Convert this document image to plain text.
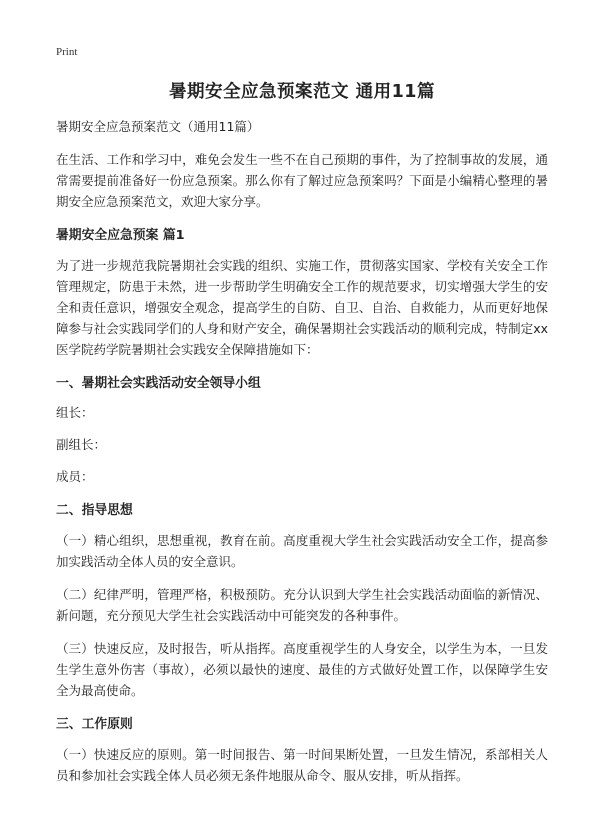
Print
暑期安全应急预案范文 通用11篇
暑期安全应急预案范文（通用11篇）

在生活、工作和学习中，难免会发生一些不在自己预期的事件，为了控制事故的发展，通常需要提前准备好一份应急预案。那么你有了解过应急预案吗？下面是小编精心整理的暑期安全应急预案范文，欢迎大家分享。

暑期安全应急预案 篇1

为了进一步规范我院暑期社会实践的组织、实施工作，贯彻落实国家、学校有关安全工作管理规定，防患于未然，进一步帮助学生明确安全工作的规范要求，切实增强大学生的安全和责任意识，增强安全观念，提高学生的自防、自卫、自治、自救能力，从而更好地保障参与社会实践同学们的人身和财产安全，确保暑期社会实践活动的顺利完成，特制定xx医学院药学院暑期社会实践安全保障措施如下：

一、暑期社会实践活动安全领导小组
组长：
副组长：
成员：
二、指导思想

（一）精心组织，思想重视，教育在前。高度重视大学生社会实践活动安全工作，提高参加实践活动全体人员的安全意识。

（二）纪律严明，管理严格，积极预防。充分认识到大学生社会实践活动面临的新情况、新问题，充分预见大学生社会实践活动中可能突发的各种事件。

（三）快速反应，及时报告，听从指挥。高度重视学生的人身安全，以学生为本，一旦发生学生意外伤害（事故），必须以最快的速度、最佳的方式做好处置工作，以保障学生安全为最高使命。

三、工作原则

（一）快速反应的原则。第一时间报告、第一时间果断处置，一旦发生情况，系部相关人员和参加社会实践全体人员必须无条件地服从命令、服从安排，听从指挥。
